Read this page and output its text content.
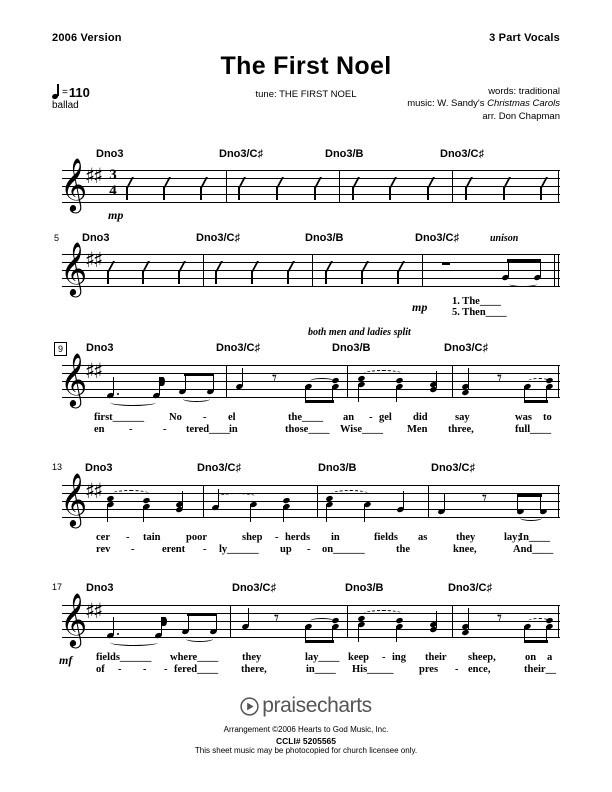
2006 Version	3 Part Vocals
The First Noel
= 110
ballad
tune: THE FIRST NOEL	words: traditional
music: W. Sandy's Christmas Carols
arr. Don Chapman
Dno3	Dno3/C♯	Dno3/B	Dno3/C♯
𝄞
♯♯ 3
4
mp
5 Dno3	Dno3/C♯	Dno3/B	Dno3/C♯	unison
𝄞
♯♯
mp 1. The____
5. Then____
both men and ladies split
9	Dno3	Dno3/C♯	Dno3/B	Dno3/C♯
𝄞
♯♯	𝄾	𝄾
first______ No - el	the____ an - gel did	say	was to
en -	- tered____
in	those____ Wise____ Men three,	full____
13 Dno3	Dno3/C♯	Dno3/B	Dno3/C♯
𝄞
♯♯	𝄾
cer - tain poor	shep - herds in	fields as	they	lay;
In____
rev -	erent - ly______ up - on______	the	knee,	And____
17 Dno3	Dno3/C♯	Dno3/B	Dno3/C♯
𝄞
♯♯	𝄾	𝄾
mf fields______ where____ they	lay____ keep - ing their sheep,	on a
of - - - fered____ there,	in____ His_____ pres - ence,	their__
praisecharts
Arrangement ©2006 Hearts to God Music, Inc.
CCLI# 5205565
This sheet music may be photocopied for church licensee only.
